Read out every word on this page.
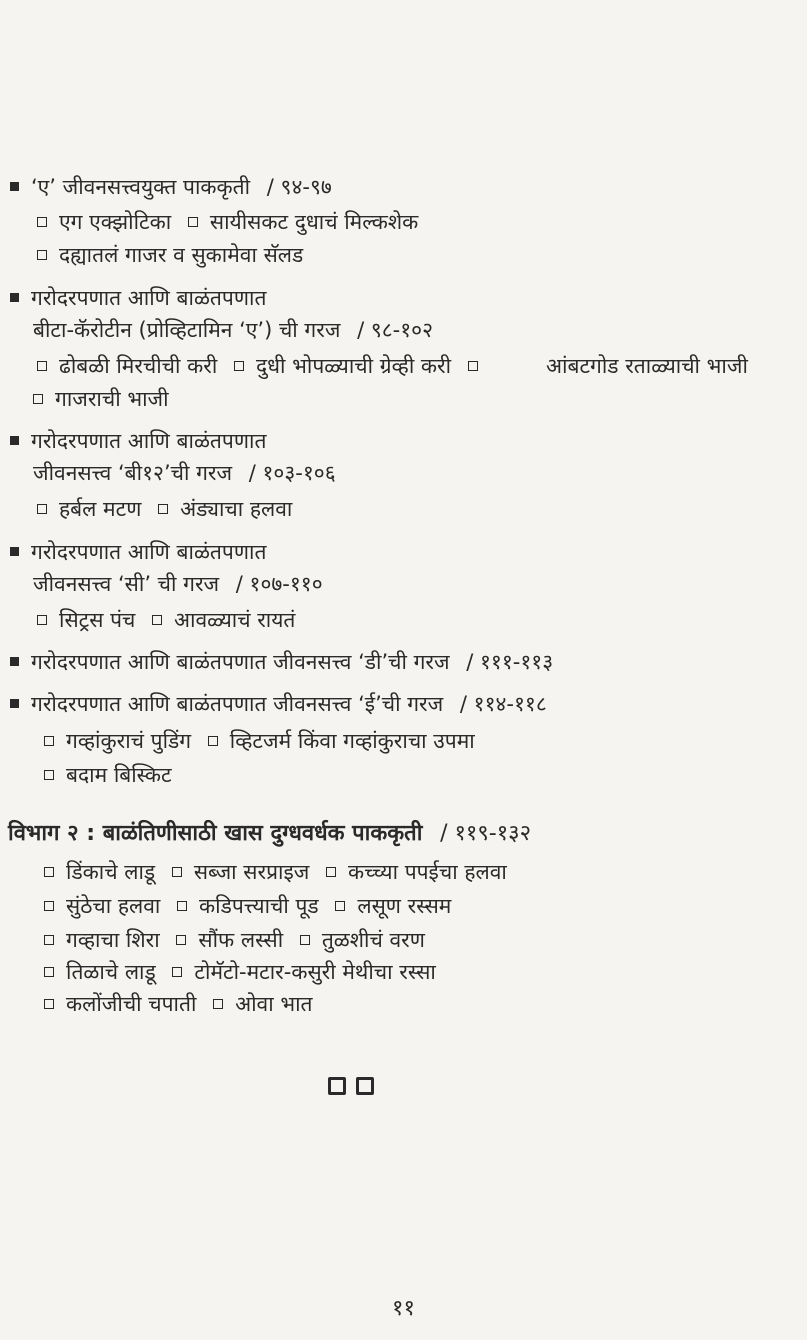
‘ए’ जीवनसत्त्वयुक्त पाककृती / ९४-९७
एग एक्झोटिका सायीसकट दुधाचं मिल्कशेक
दह्यातलं गाजर व सुकामेवा सॅलड
गरोदरपणात आणि बाळंतपणात
बीटा-कॅरोटीन (प्रोव्हिटामिन ‘ए’) ची गरज / ९८-१०२
ढोबळी मिरचीची करी दुधी भोपळ्याची ग्रेव्ही करी	आंबटगोड रताळ्याची भाजी
गाजराची भाजी
गरोदरपणात आणि बाळंतपणात
जीवनसत्त्व ‘बी१२’ची गरज / १०३-१०६
हर्बल मटण अंड्याचा हलवा
गरोदरपणात आणि बाळंतपणात
जीवनसत्त्व ‘सी’ ची गरज / १०७-११०
सिट्रस पंच आवळ्याचं रायतं
गरोदरपणात आणि बाळंतपणात जीवनसत्त्व ‘डी’ची गरज / १११-११३
गरोदरपणात आणि बाळंतपणात जीवनसत्त्व ‘ई’ची गरज / ११४-११८
गव्हांकुराचं पुडिंग व्हिटजर्म किंवा गव्हांकुराचा उपमा
बदाम बिस्किट
विभाग २ : बाळंतिणीसाठी खास दुग्धवर्धक पाककृती / ११९-१३२
डिंकाचे लाडू सब्जा सरप्राइज कच्च्या पपईचा हलवा
सुंठेचा हलवा कडिपत्त्याची पूड लसूण रस्सम
गव्हाचा शिरा सौंफ लस्सी तुळशीचं वरण
तिळाचे लाडू टोमॅटो-मटार-कसुरी मेथीचा रस्सा
कलोंजीची चपाती ओवा भात
११
